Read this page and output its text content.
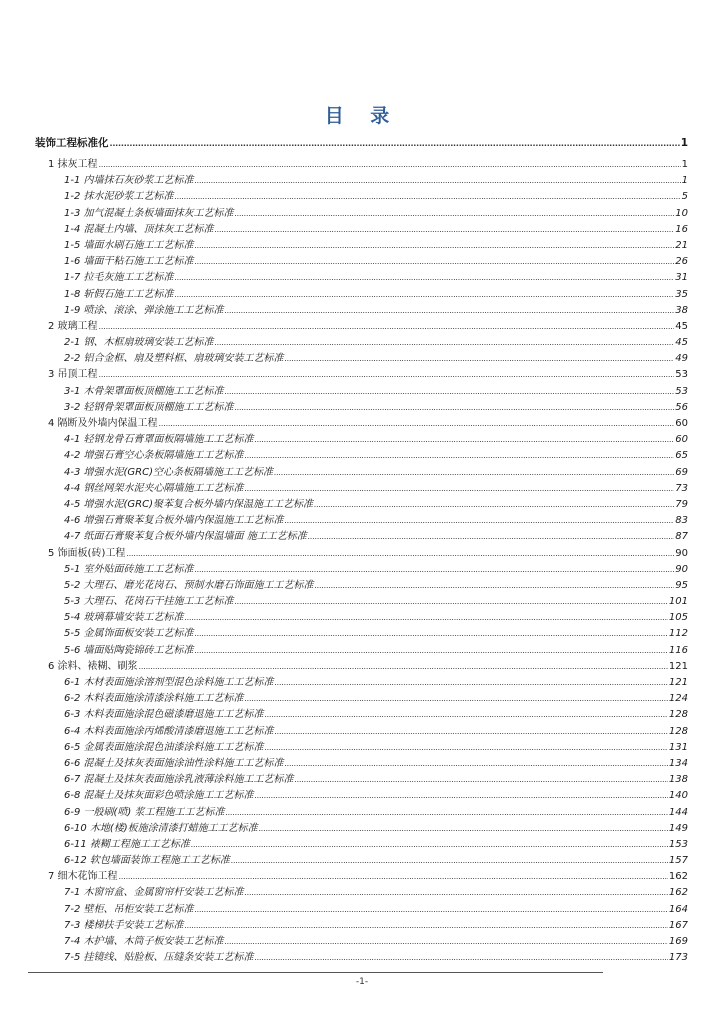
目 录
装饰工程标准化 .....	1
1 抹灰工程 .....	1
1-1 内墙抹石灰砂浆工艺标准 .....	1
1-2 抹水泥砂浆工艺标准 .....	5
1-3 加气混凝土条板墙面抹灰工艺标准 .....	10
1-4 混凝土内墙、顶抹灰工艺标准 .....	16
1-5 墙面水刷石施工工艺标准 .....	21
1-6 墙面干粘石施工工艺标准 .....	26
1-7 拉毛灰施工工艺标准 .....	31
1-8 斩假石施工工艺标准 .....	35
1-9 喷涂、滚涂、弹涂施工工艺标准 .....	38
2 玻璃工程 .....	45
2-1 钢、木框扇玻璃安装工艺标准 .....	45
2-2 铝合金框、扇及塑料框、扇玻璃安装工艺标准 .....	49
3 吊顶工程 .....	53
3-1 木骨架罩面板顶棚施工工艺标准 .....	53
3-2 轻钢骨架罩面板顶棚施工工艺标准 .....	56
4 隔断及外墙内保温工程 .....	60
4-1 轻钢龙骨石膏罩面板隔墙施工工艺标准 .....	60
4-2 增强石膏空心条板隔墙施工工艺标准 .....	65
4-3 增强水泥(GRC)空心条板隔墙施工工艺标准 .....	69
4-4 钢丝网架水泥夹心隔墙施工工艺标准 .....	73
4-5 增强水泥(GRC)聚苯复合板外墙内保温施工工艺标准 .....	79
4-6 增强石膏聚苯复合板外墙内保温施工工艺标准 .....	83
4-7 纸面石膏聚苯复合板外墙内保温墙面 施工工艺标准 .....	87
5 饰面板(砖)工程 .....	90
5-1 室外贴面砖施工工艺标准 .....	90
5-2 大理石、磨光花岗石、预制水磨石饰面施工工艺标准 .....	95
5-3 大理石、花岗石干挂施工工艺标准 .....	101
5-4 玻璃幕墙安装工艺标准 .....	105
5-5 金属饰面板安装工艺标准 .....	112
5-6 墙面贴陶瓷锦砖工艺标准 .....	116
6 涂料、裱糊、刷浆 .....	121
6-1 木材表面施涂溶剂型混色涂料施工工艺标准 .....	121
6-2 木料表面施涂清漆涂料施工工艺标准 .....	124
6-3 木料表面施涂混色磁漆磨退施工工艺标准 .....	128
6-4 木料表面施涂丙烯酸清漆磨退施工工艺标准 .....	128
6-5 金属表面施涂混色油漆涂料施工工艺标准 .....	131
6-6 混凝土及抹灰表面施涂油性涂料施工工艺标准 .....	134
6-7 混凝土及抹灰表面施涂乳液薄涂料施工工艺标准 .....	138
6-8 混凝土及抹灰面彩色喷涂施工工艺标准 .....	140
6-9 一般刷(喷) 浆工程施工工艺标准 .....	144
6-10 木地(楼)板施涂清漆打蜡施工工艺标准 .....	149
6-11 裱糊工程施工工艺标准 .....	153
6-12 软包墙面装饰工程施工工艺标准 .....	157
7 细木花饰工程 .....	162
7-1 木窗帘盒、金属窗帘杆安装工艺标准 .....	162
7-2 壁柜、吊柜安装工艺标准 .....	164
7-3 楼梯扶手安装工艺标准 .....	167
7-4 木护墙、木筒子板安装工艺标准 .....	169
7-5 挂镜线、贴脸板、压缝条安装工艺标准 .....	173
-1-
